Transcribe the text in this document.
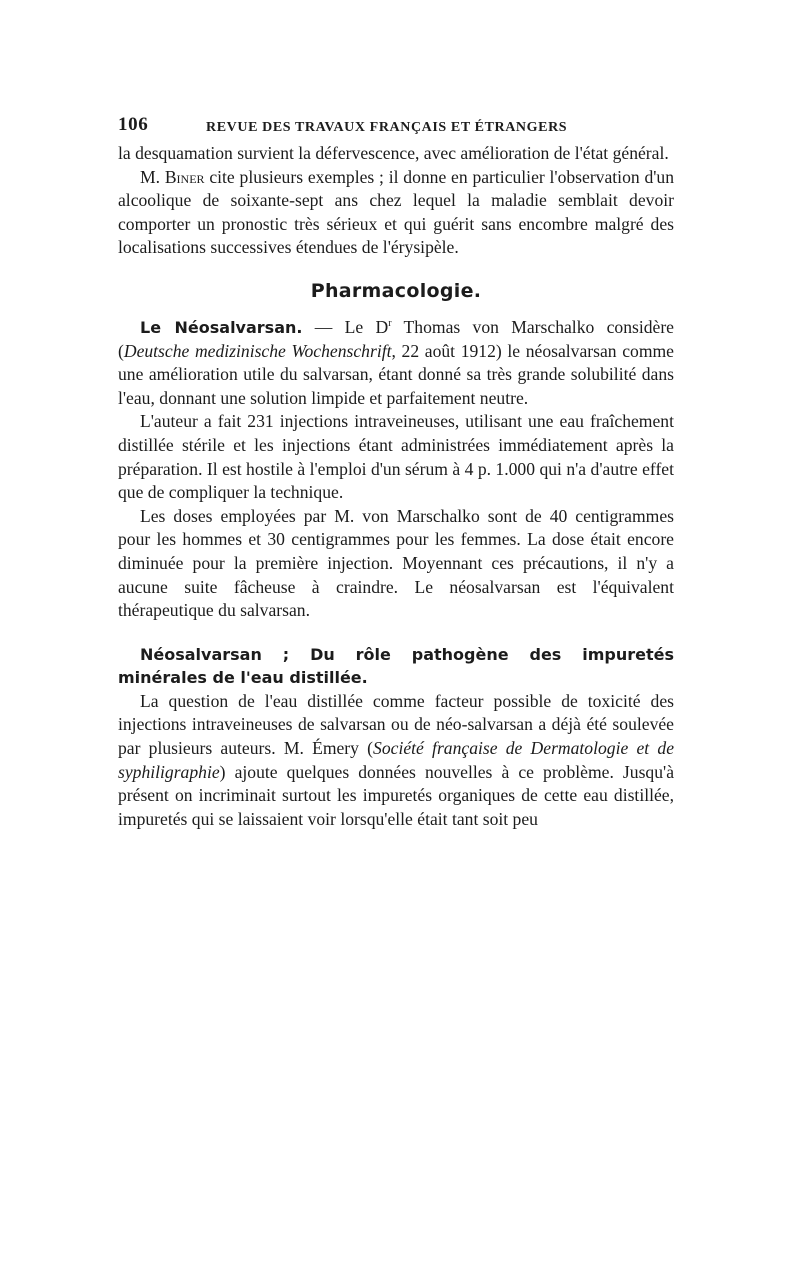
106	REVUE DES TRAVAUX FRANÇAIS ET ÉTRANGERS

la desquamation survient la défervescence, avec amélioration de l'état général.

M. Biner cite plusieurs exemples ; il donne en particulier l'observation d'un alcoolique de soixante-sept ans chez lequel la maladie semblait devoir comporter un pronostic très sérieux et qui guérit sans encombre malgré des localisations successives étendues de l'érysipèle.

Pharmacologie.

Le Néosalvarsan. — Le $D^r$ Thomas von Marschalko considère (Deutsche medizinische Wochenschrift, 22 août 1912) le néosalvarsan comme une amélioration utile du salvarsan, étant donné sa très grande solubilité dans l'eau, donnant une solution limpide et parfaitement neutre.

L'auteur a fait 231 injections intraveineuses, utilisant une eau fraîchement distillée stérile et les injections étant administrées immédiatement après la préparation. Il est hostile à l'emploi d'un sérum à 4 p. 1.000 qui n'a d'autre effet que de compliquer la technique.

Les doses employées par M. von Marschalko sont de 40 centigrammes pour les hommes et 30 centigrammes pour les femmes. La dose était encore diminuée pour la première injection. Moyennant ces précautions, il n'y a aucune suite fâcheuse à craindre. Le néosalvarsan est l'équivalent thérapeutique du salvarsan.

Néosalvarsan ; Du rôle pathogène des impuretés minérales de l'eau distillée.

La question de l'eau distillée comme facteur possible de toxicité des injections intraveineuses de salvarsan ou de néo-salvarsan a déjà été soulevée par plusieurs auteurs. M. Émery (Société française de Dermatologie et de syphiligraphie) ajoute quelques données nouvelles à ce problème. Jusqu'à présent on incriminait surtout les impuretés organiques de cette eau distillée, impuretés qui se laissaient voir lorsqu'elle était tant soit peu
